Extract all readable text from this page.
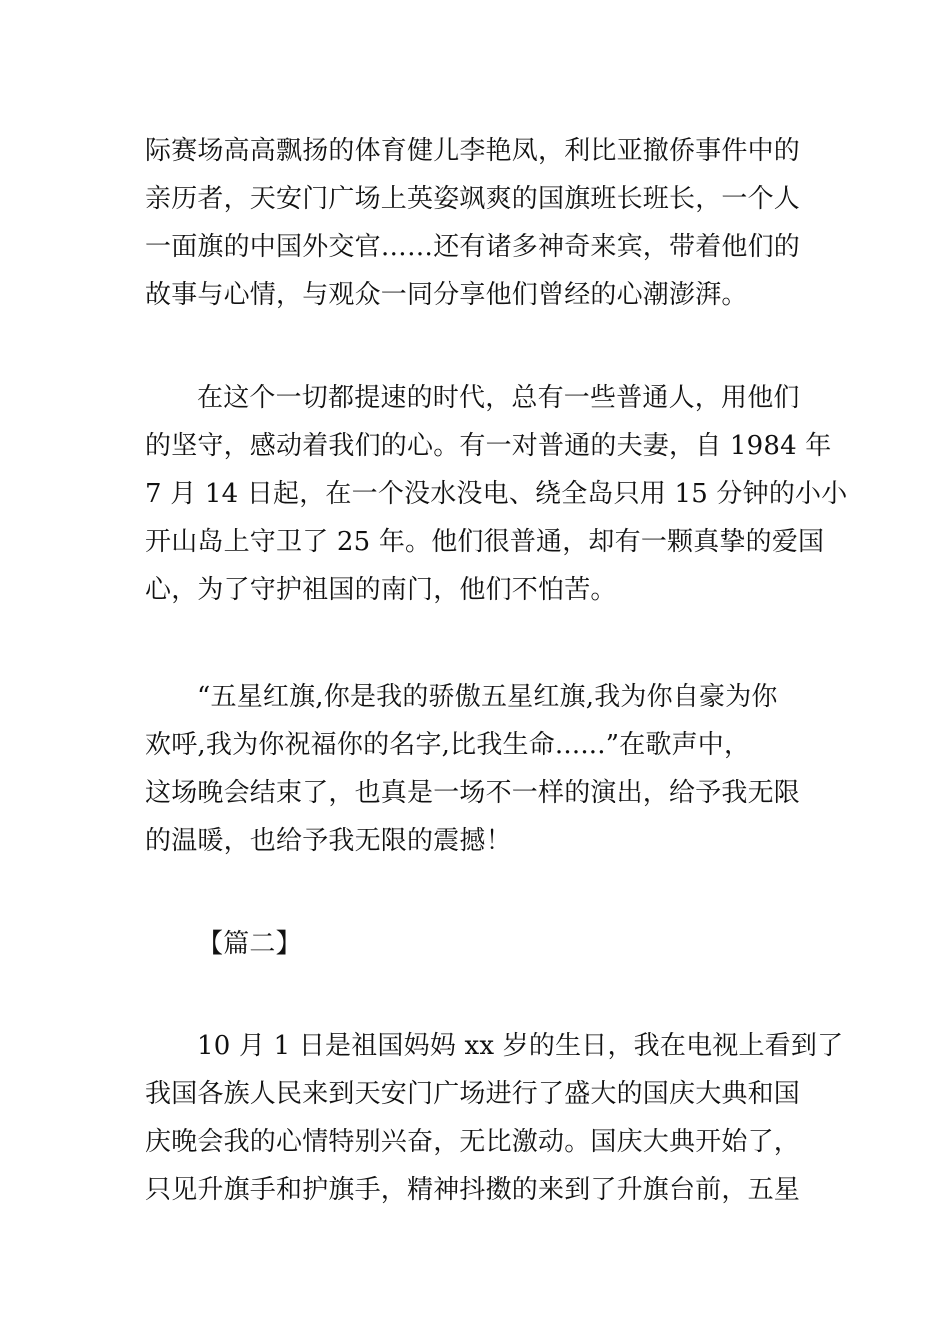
际赛场高高飘扬的体育健儿李艳凤，利比亚撤侨事件中的
亲历者，天安门广场上英姿飒爽的国旗班长班长，一个人
一面旗的中国外交官……还有诸多神奇来宾，带着他们的
故事与心情，与观众一同分享他们曾经的心潮澎湃。

在这个一切都提速的时代，总有一些普通人，用他们
的坚守，感动着我们的心。有一对普通的夫妻，自 1984 年
7 月 14 日起，在一个没水没电、绕全岛只用 15 分钟的小小
开山岛上守卫了 25 年。他们很普通，却有一颗真挚的爱国
心，为了守护祖国的南门，他们不怕苦。

“五星红旗,你是我的骄傲五星红旗,我为你自豪为你
欢呼,我为你祝福你的名字,比我生命......”在歌声中，
这场晚会结束了，也真是一场不一样的演出，给予我无限
的温暖，也给予我无限的震撼！

【篇二】

10 月 1 日是祖国妈妈 xx 岁的生日，我在电视上看到了
我国各族人民来到天安门广场进行了盛大的国庆大典和国
庆晚会我的心情特别兴奋，无比激动。国庆大典开始了，
只见升旗手和护旗手，精神抖擞的来到了升旗台前，五星
